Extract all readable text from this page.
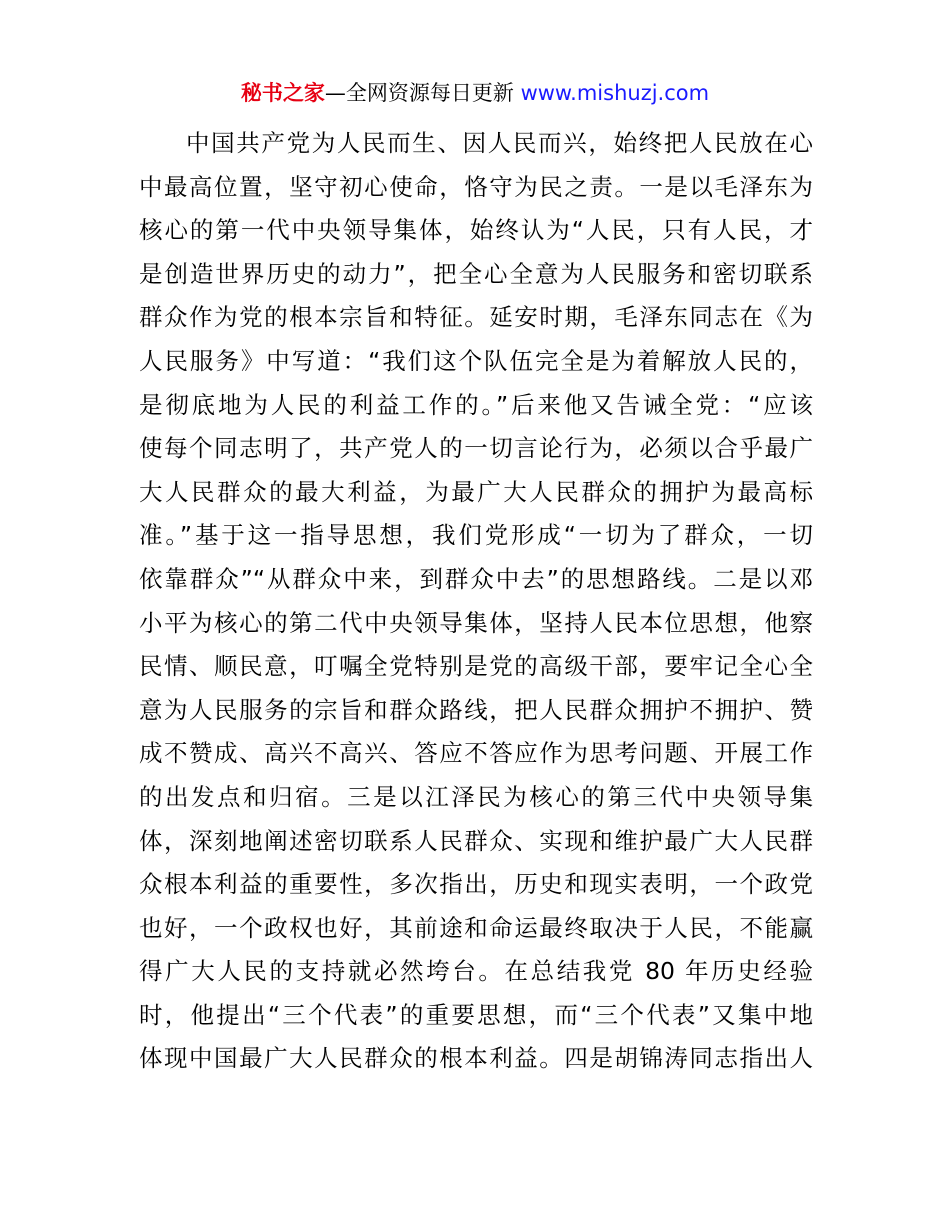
秘书之家—全网资源每日更新 www.mishuzj.com
中国共产党为人民而生、因人民而兴，始终把人民放在心
中最高位置，坚守初心使命，恪守为民之责。一是以毛泽东为
核心的第一代中央领导集体，始终认为“人民，只有人民，才
是创造世界历史的动力”，把全心全意为人民服务和密切联系
群众作为党的根本宗旨和特征。延安时期，毛泽东同志在《为
人民服务》中写道：“我们这个队伍完全是为着解放人民的，
是彻底地为人民的利益工作的。”后来他又告诫全党：“应该
使每个同志明了，共产党人的一切言论行为，必须以合乎最广
大人民群众的最大利益，为最广大人民群众的拥护为最高标
准。”基于这一指导思想，我们党形成“一切为了群众，一切
依靠群众”“从群众中来，到群众中去”的思想路线。二是以邓
小平为核心的第二代中央领导集体，坚持人民本位思想，他察
民情、顺民意，叮嘱全党特别是党的高级干部，要牢记全心全
意为人民服务的宗旨和群众路线，把人民群众拥护不拥护、赞
成不赞成、高兴不高兴、答应不答应作为思考问题、开展工作
的出发点和归宿。三是以江泽民为核心的第三代中央领导集
体，深刻地阐述密切联系人民群众、实现和维护最广大人民群
众根本利益的重要性，多次指出，历史和现实表明，一个政党
也好，一个政权也好，其前途和命运最终取决于人民，不能赢
得广大人民的支持就必然垮台。在总结我党 80 年历史经验
时，他提出“三个代表”的重要思想，而“三个代表”又集中地
体现中国最广大人民群众的根本利益。四是胡锦涛同志指出人
